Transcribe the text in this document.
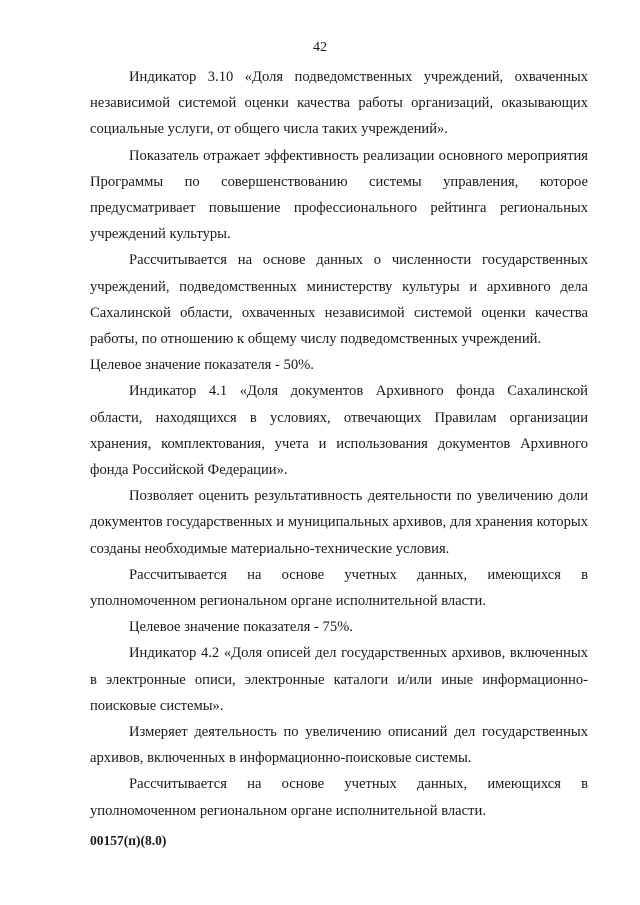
42

Индикатор 3.10 «Доля подведомственных учреждений, охваченных независимой системой оценки качества работы организаций, оказывающих социальные услуги, от общего числа таких учреждений».

Показатель отражает эффективность реализации основного мероприятия Программы по совершенствованию системы управления, которое предусматривает повышение профессионального рейтинга региональных учреждений культуры.

Рассчитывается на основе данных о численности государственных учреждений, подведомственных министерству культуры и архивного дела Сахалинской области, охваченных независимой системой оценки качества работы, по отношению к общему числу подведомственных учреждений.

Целевое значение показателя - 50%.

Индикатор 4.1 «Доля документов Архивного фонда Сахалинской области, находящихся в условиях, отвечающих Правилам организации хранения, комплектования, учета и использования документов Архивного фонда Российской Федерации».

Позволяет оценить результативность деятельности по увеличению доли документов государственных и муниципальных архивов, для хранения которых созданы необходимые материально-технические условия.

Рассчитывается на основе учетных данных, имеющихся в уполномоченном региональном органе исполнительной власти.

Целевое значение показателя - 75%.

Индикатор 4.2 «Доля описей дел государственных архивов, включенных в электронные описи, электронные каталоги и/или иные информационно-поисковые системы».

Измеряет деятельность по увеличению описаний дел государственных архивов, включенных в информационно-поисковые системы.

Рассчитывается на основе учетных данных, имеющихся в уполномоченном региональном органе исполнительной власти.

00157(п)(8.0)
